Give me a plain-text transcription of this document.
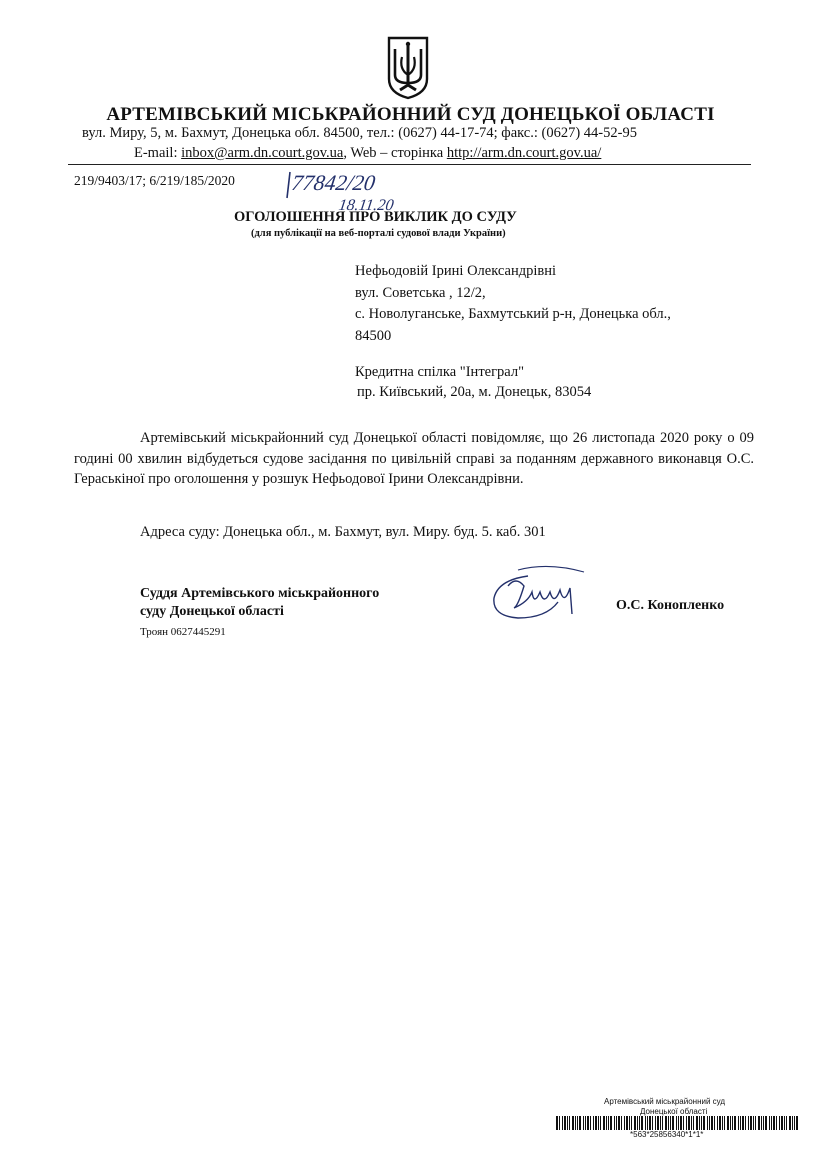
АРТЕМІВСЬКИЙ МІСЬКРАЙОННИЙ СУД ДОНЕЦЬКОЇ ОБЛАСТІ
вул. Миру, 5, м. Бахмут, Донецька обл. 84500, тел.: (0627) 44-17-74; факс.: (0627) 44-52-95
E-mail: inbox@arm.dn.court.gov.ua, Web – сторінка http://arm.dn.court.gov.ua/
219/9403/17; 6/219/185/2020	77842/20
18.11.20
ОГОЛОШЕННЯ ПРО ВИКЛИК ДО СУДУ
(для публікації на веб-порталі судової влади України)
Нефьодовій Ірині Олександрівні
вул. Советська , 12/2,
с. Новолуганське, Бахмутський р-н, Донецька обл.,
84500
Кредитна спілка "Інтеграл"
пр. Київський, 20а, м. Донецьк, 83054

Артемівський міськрайонний суд Донецької області повідомляє, що 26 листопада 2020 року о 09 годині 00 хвилин відбудеться судове засідання по цивільній справі за поданням державного виконавця О.С. Гераськіної про оголошення у розшук Нефьодової Ірини Олександрівни.

Адреса суду: Донецька обл., м. Бахмут, вул. Миру. буд. 5. каб. 301
Суддя Артемівського міськрайонного
суду Донецької області
Троян 0627445291
О.С. Конопленко
Артемівський міськрайонний суд
Донецької області
*563*25856340*1*1*
